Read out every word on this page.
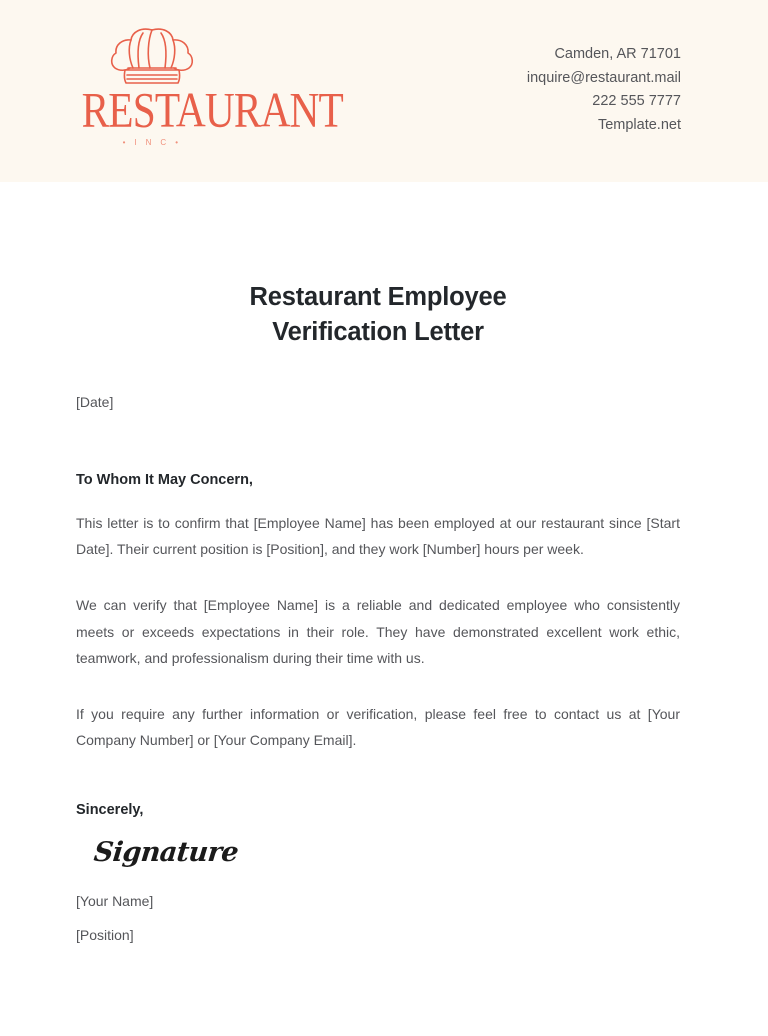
RESTAURANT
• I N C •
Camden, AR 71701
inquire@restaurant.mail
222 555 7777
Template.net
Restaurant Employee
Verification Letter
[Date]
To Whom It May Concern,

This letter is to confirm that [Employee Name] has been employed at our restaurant since [Start Date]. Their current position is [Position], and they work [Number] hours per week.

We can verify that [Employee Name] is a reliable and dedicated employee who consistently meets or exceeds expectations in their role. They have demonstrated excellent work ethic, teamwork, and professionalism during their time with us.

If you require any further information or verification, please feel free to contact us at [Your Company Number] or [Your Company Email].

Sincerely,
Signature
[Your Name]
[Position]
